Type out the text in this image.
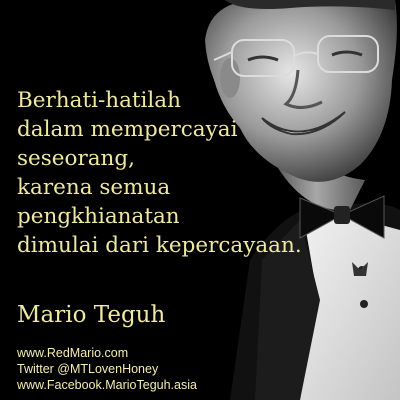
Berhati-hatilah
dalam mempercayai
seseorang,
karena semua
pengkhianatan
dimulai dari kepercayaan.

Mario Teguh
www.RedMario.com
Twitter @MTLovenHoney
www.Facebook.MarioTeguh.asia
